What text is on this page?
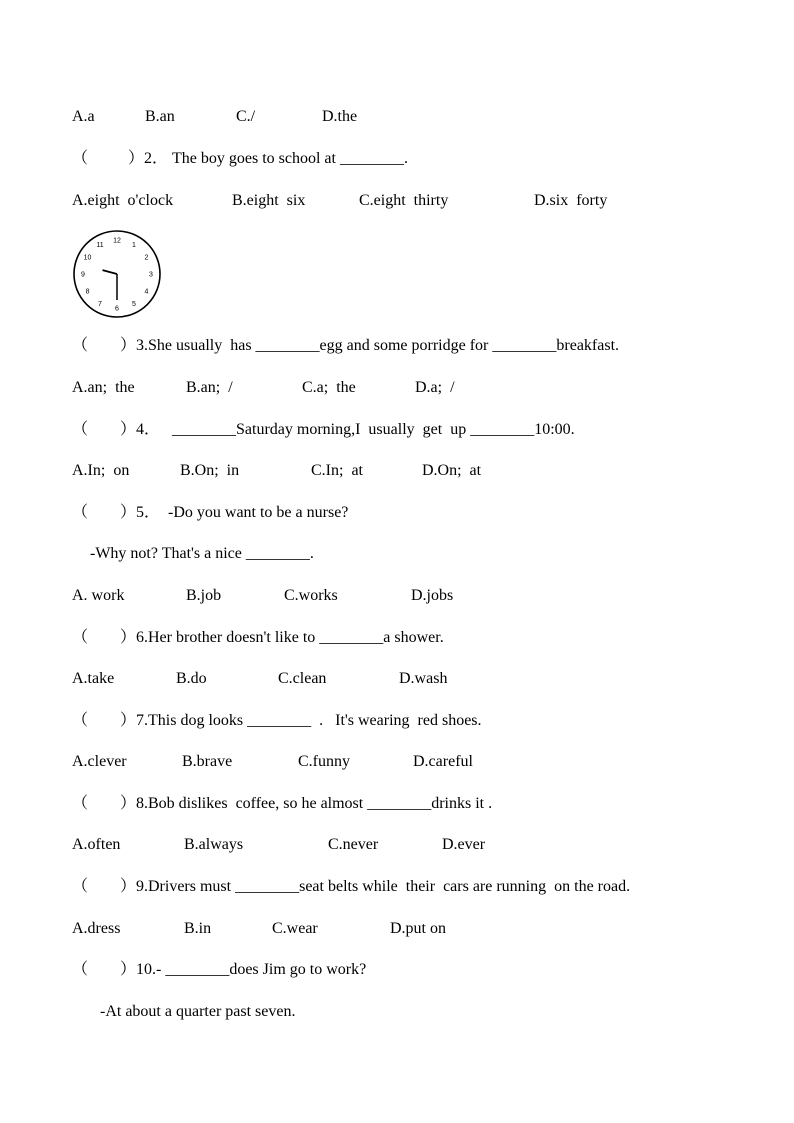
A.a	B.an	C./	D.the
（          ）2． The boy goes to school at ________.
A.eight  o'clock	B.eight  six	C.eight  thirty	D.six  forty
12
1
2
3
4
5
6
7
8
9
10
11
（        ）3.She usually  has ________egg and some porridge for ________breakfast.
A.an;  the	B.an;  /	C.a;  the	D.a;  /
（        ）4．   ________Saturday morning,I  usually  get  up ________10:00.
A.In;  on	B.On;  in	C.In;  at	D.On;  at
（        ）5．  -Do you want to be a nurse?
-Why not? That's a nice ________.
A. work	B.job	C.works	D.jobs
（        ）6.Her brother doesn't like to ________a shower.
A.take	B.do	C.clean	D.wash
（        ）7.This dog looks ________  .   It's wearing  red shoes.
A.clever	B.brave	C.funny	D.careful
（        ）8.Bob dislikes  coffee, so he almost ________drinks it .
A.often	B.always	C.never	D.ever
（        ）9.Drivers must ________seat belts while  their  cars are running  on the road.
A.dress	B.in	C.wear	D.put on
（        ）10.- ________does Jim go to work?
-At about a quarter past seven.
